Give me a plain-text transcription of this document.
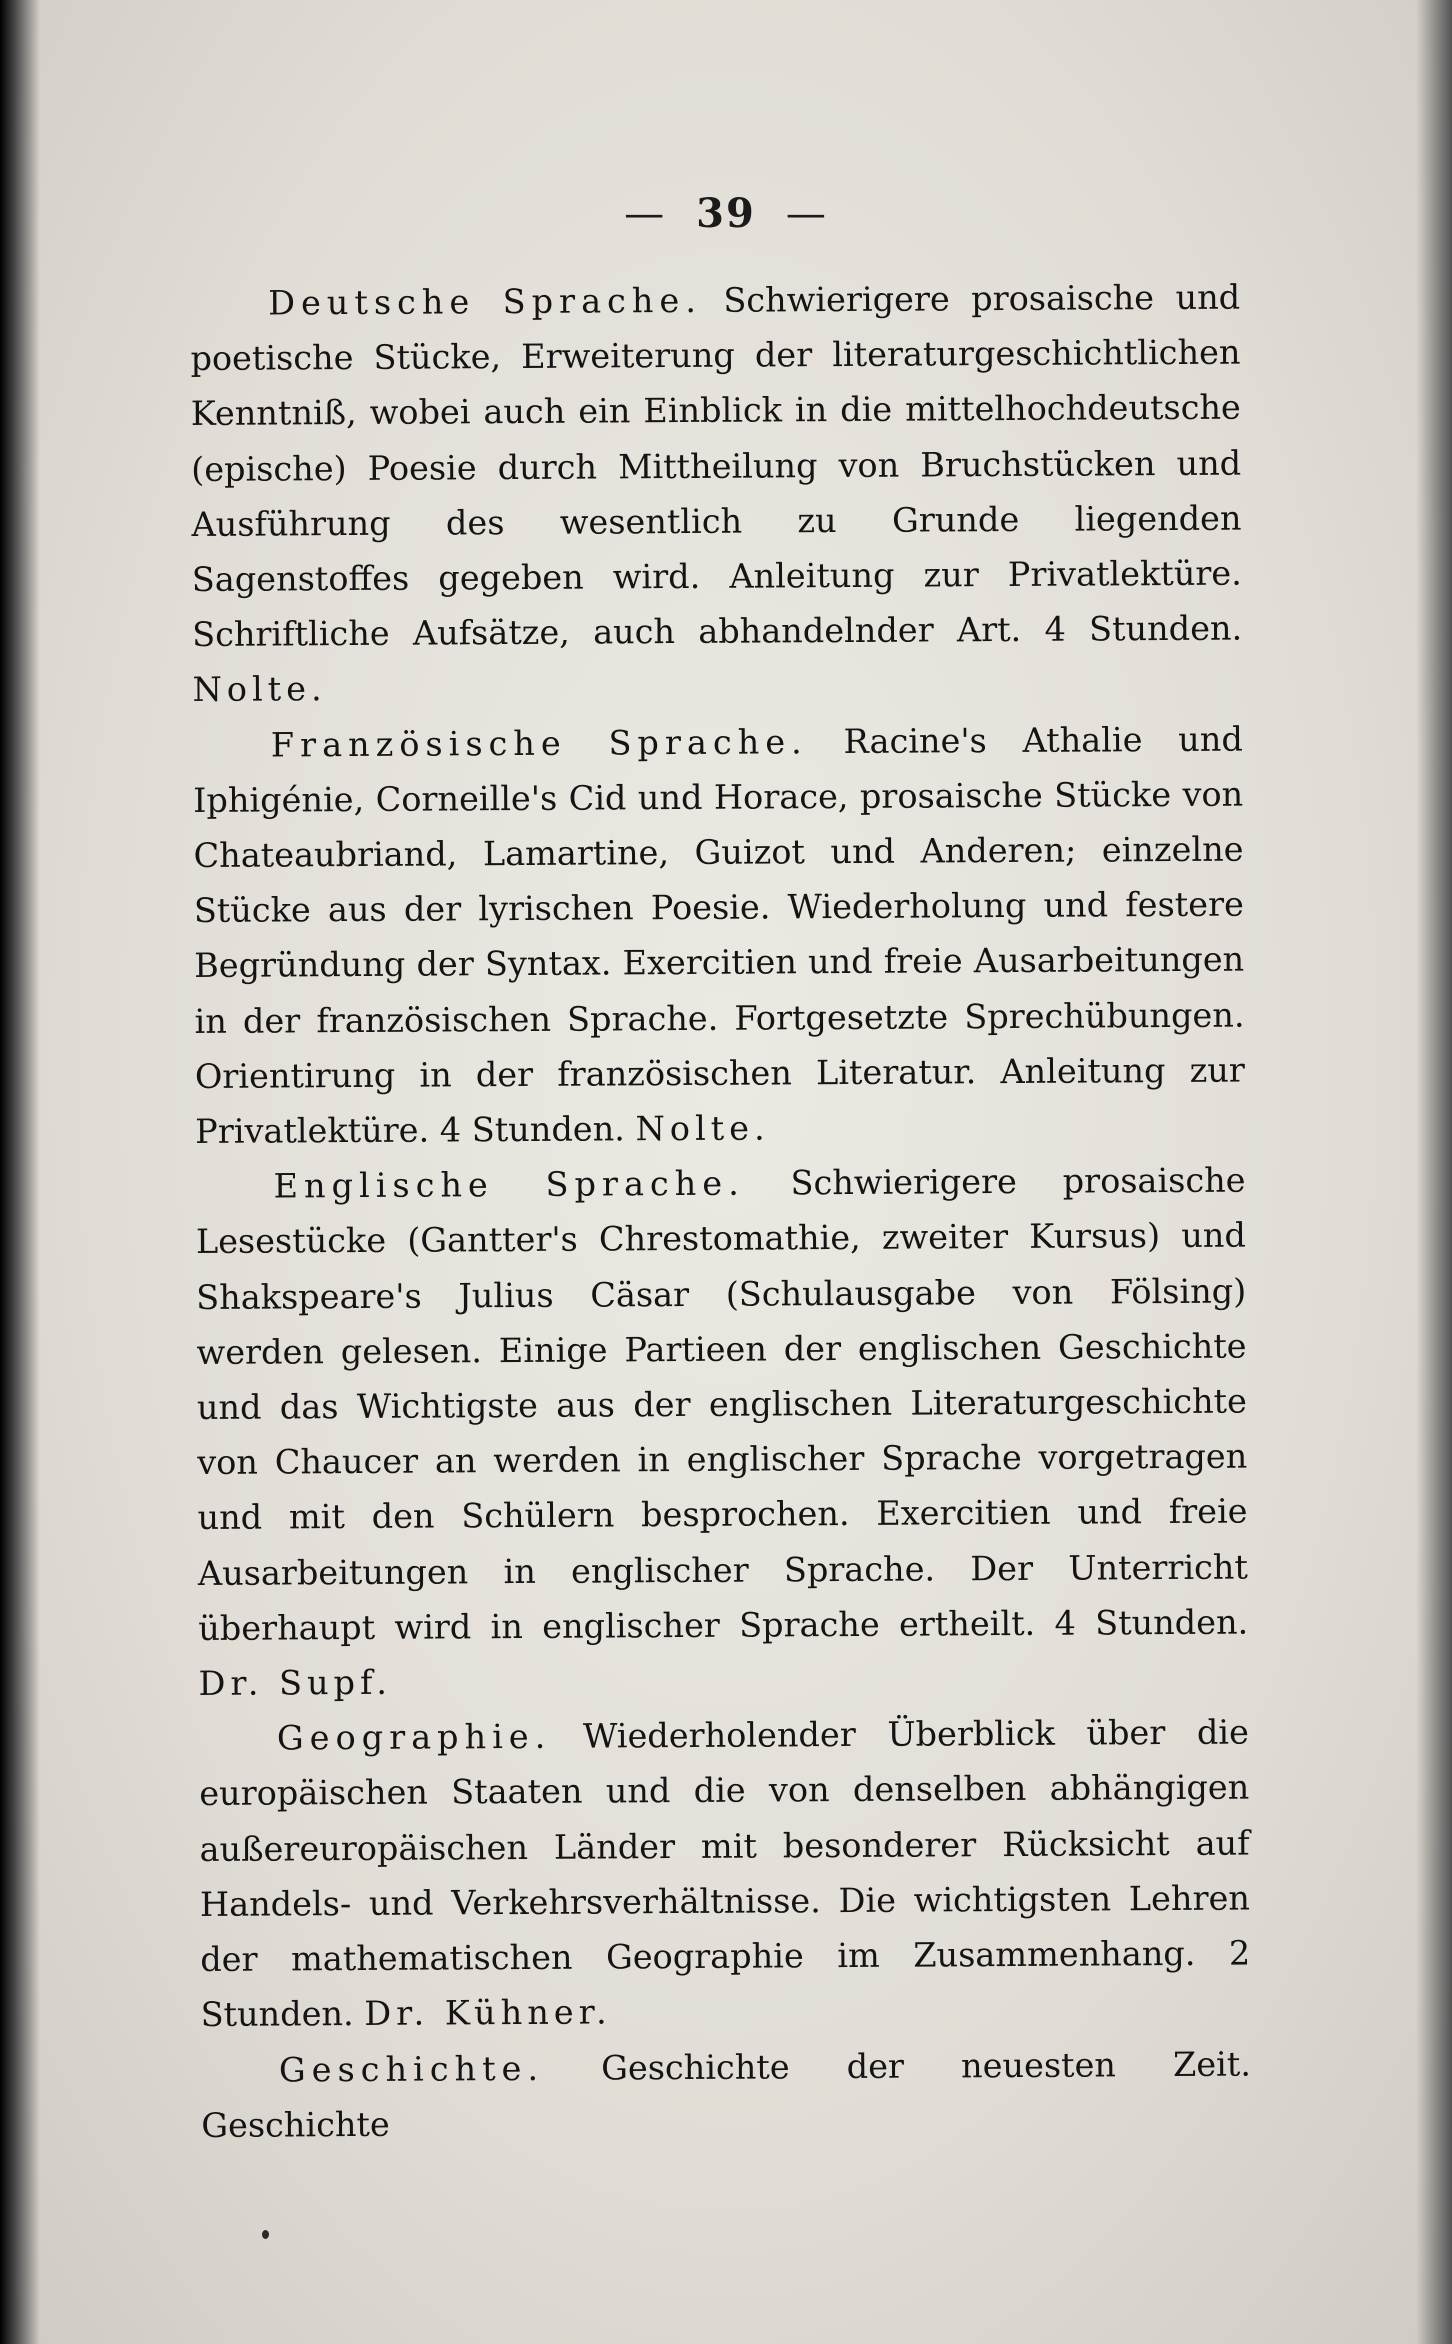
— 39 —

Deutsche Sprache. Schwierigere prosaische und poetische Stücke, Erweiterung der literaturgeschichtlichen Kenntniß, wobei auch ein Einblick in die mittelhochdeutsche (epische) Poesie durch Mittheilung von Bruchstücken und Ausführung des wesentlich zu Grunde liegenden Sagenstoffes gegeben wird. Anleitung zur Privatlektüre. Schriftliche Aufsätze, auch abhandelnder Art. 4 Stunden. Nolte.

Französische Sprache. Racine's Athalie und Iphigénie, Corneille's Cid und Horace, prosaische Stücke von Chateaubriand, Lamartine, Guizot und Anderen; einzelne Stücke aus der lyrischen Poesie. Wiederholung und festere Begründung der Syntax. Exercitien und freie Ausarbeitungen in der französischen Sprache. Fortgesetzte Sprechübungen. Orientirung in der französischen Literatur. Anleitung zur Privatlektüre. 4 Stunden. Nolte.

Englische Sprache. Schwierigere prosaische Lesestücke (Gantter's Chrestomathie, zweiter Kursus) und Shakspeare's Julius Cäsar (Schulausgabe von Fölsing) werden gelesen. Einige Partieen der englischen Geschichte und das Wichtigste aus der englischen Literaturgeschichte von Chaucer an werden in englischer Sprache vorgetragen und mit den Schülern besprochen. Exercitien und freie Ausarbeitungen in englischer Sprache. Der Unterricht überhaupt wird in englischer Sprache ertheilt. 4 Stunden. Dr. Supf.

Geographie. Wiederholender Überblick über die europäischen Staaten und die von denselben abhängigen außereuropäischen Länder mit besonderer Rücksicht auf Handels- und Verkehrsverhältnisse. Die wichtigsten Lehren der mathematischen Geographie im Zusammenhang. 2 Stunden. Dr. Kühner.

Geschichte. Geschichte der neuesten Zeit. Geschichte
